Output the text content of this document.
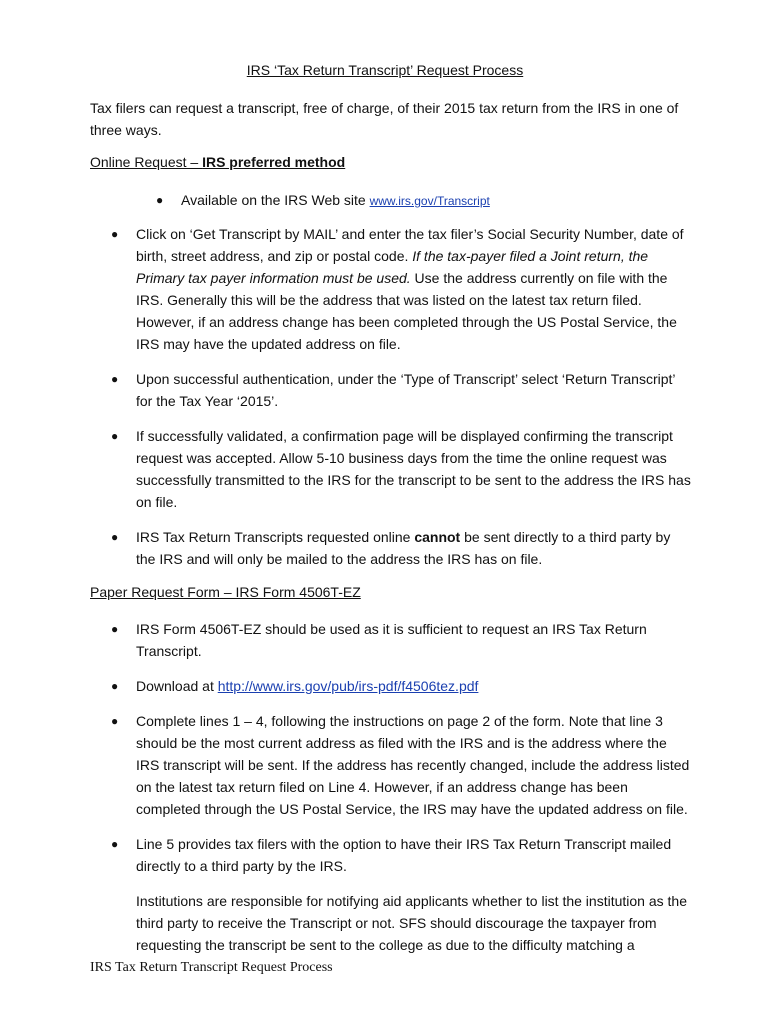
IRS ‘Tax Return Transcript’ Request Process
Tax filers can request a transcript, free of charge, of their 2015 tax return from the IRS in one of three ways.
Online Request – IRS preferred method
● Available on the IRS Web site www.irs.gov/Transcript
● Click on ‘Get Transcript by MAIL’ and enter the tax filer’s Social Security Number, date of birth, street address, and zip or postal code. If the tax-payer filed a Joint return, the Primary tax payer information must be used. Use the address currently on file with the IRS. Generally this will be the address that was listed on the latest tax return filed. However, if an address change has been completed through the US Postal Service, the IRS may have the updated address on file.
● Upon successful authentication, under the ‘Type of Transcript’ select ‘Return Transcript’ for the Tax Year ‘2015’.
● If successfully validated, a confirmation page will be displayed confirming the transcript request was accepted. Allow 5-10 business days from the time the online request was successfully transmitted to the IRS for the transcript to be sent to the address the IRS has on file.
● IRS Tax Return Transcripts requested online cannot be sent directly to a third party by the IRS and will only be mailed to the address the IRS has on file.
Paper Request Form – IRS Form 4506T-EZ
● IRS Form 4506T-EZ should be used as it is sufficient to request an IRS Tax Return Transcript.
● Download at http://www.irs.gov/pub/irs-pdf/f4506tez.pdf
● Complete lines 1 – 4, following the instructions on page 2 of the form. Note that line 3 should be the most current address as filed with the IRS and is the address where the IRS transcript will be sent. If the address has recently changed, include the address listed on the latest tax return filed on Line 4. However, if an address change has been completed through the US Postal Service, the IRS may have the updated address on file.
● Line 5 provides tax filers with the option to have their IRS Tax Return Transcript mailed directly to a third party by the IRS.
Institutions are responsible for notifying aid applicants whether to list the institution as the third party to receive the Transcript or not. SFS should discourage the taxpayer from requesting the transcript be sent to the college as due to the difficulty matching a
IRS Tax Return Transcript Request Process
